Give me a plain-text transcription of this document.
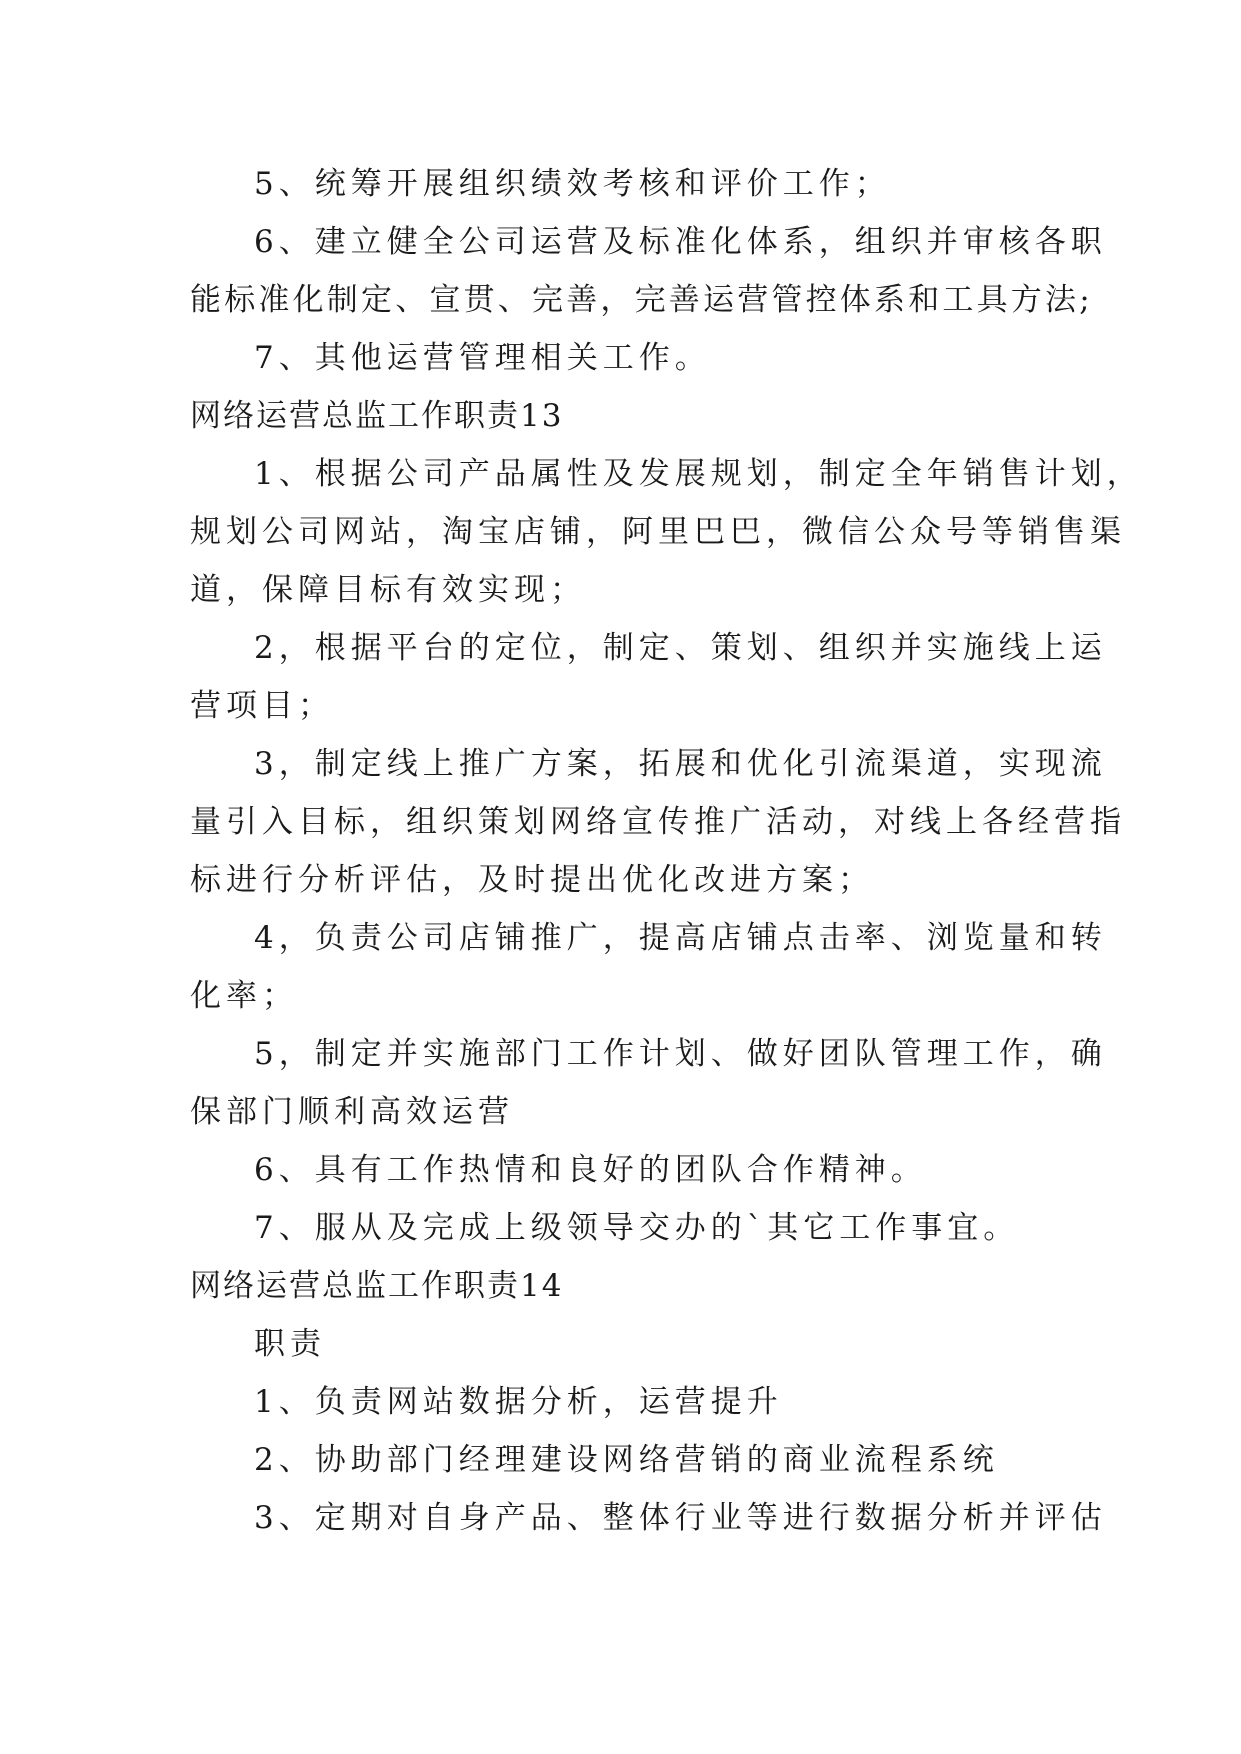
5、统筹开展组织绩效考核和评价工作；
6、建立健全公司运营及标准化体系，组织并审核各职
能标准化制定、宣贯、完善，完善运营管控体系和工具方法;
7、其他运营管理相关工作。
网络运营总监工作职责13
1、根据公司产品属性及发展规划，制定全年销售计划，
规划公司网站，淘宝店铺，阿里巴巴，微信公众号等销售渠
道，保障目标有效实现；
2，根据平台的定位，制定、策划、组织并实施线上运
营项目；
3，制定线上推广方案，拓展和优化引流渠道，实现流
量引入目标，组织策划网络宣传推广活动，对线上各经营指
标进行分析评估，及时提出优化改进方案；
4，负责公司店铺推广，提高店铺点击率、浏览量和转
化率；
5，制定并实施部门工作计划、做好团队管理工作，确
保部门顺利高效运营
6、具有工作热情和良好的团队合作精神。
7、服从及完成上级领导交办的`其它工作事宜。
网络运营总监工作职责14
职责
1、负责网站数据分析，运营提升
2、协助部门经理建设网络营销的商业流程系统
3、定期对自身产品、整体行业等进行数据分析并评估
